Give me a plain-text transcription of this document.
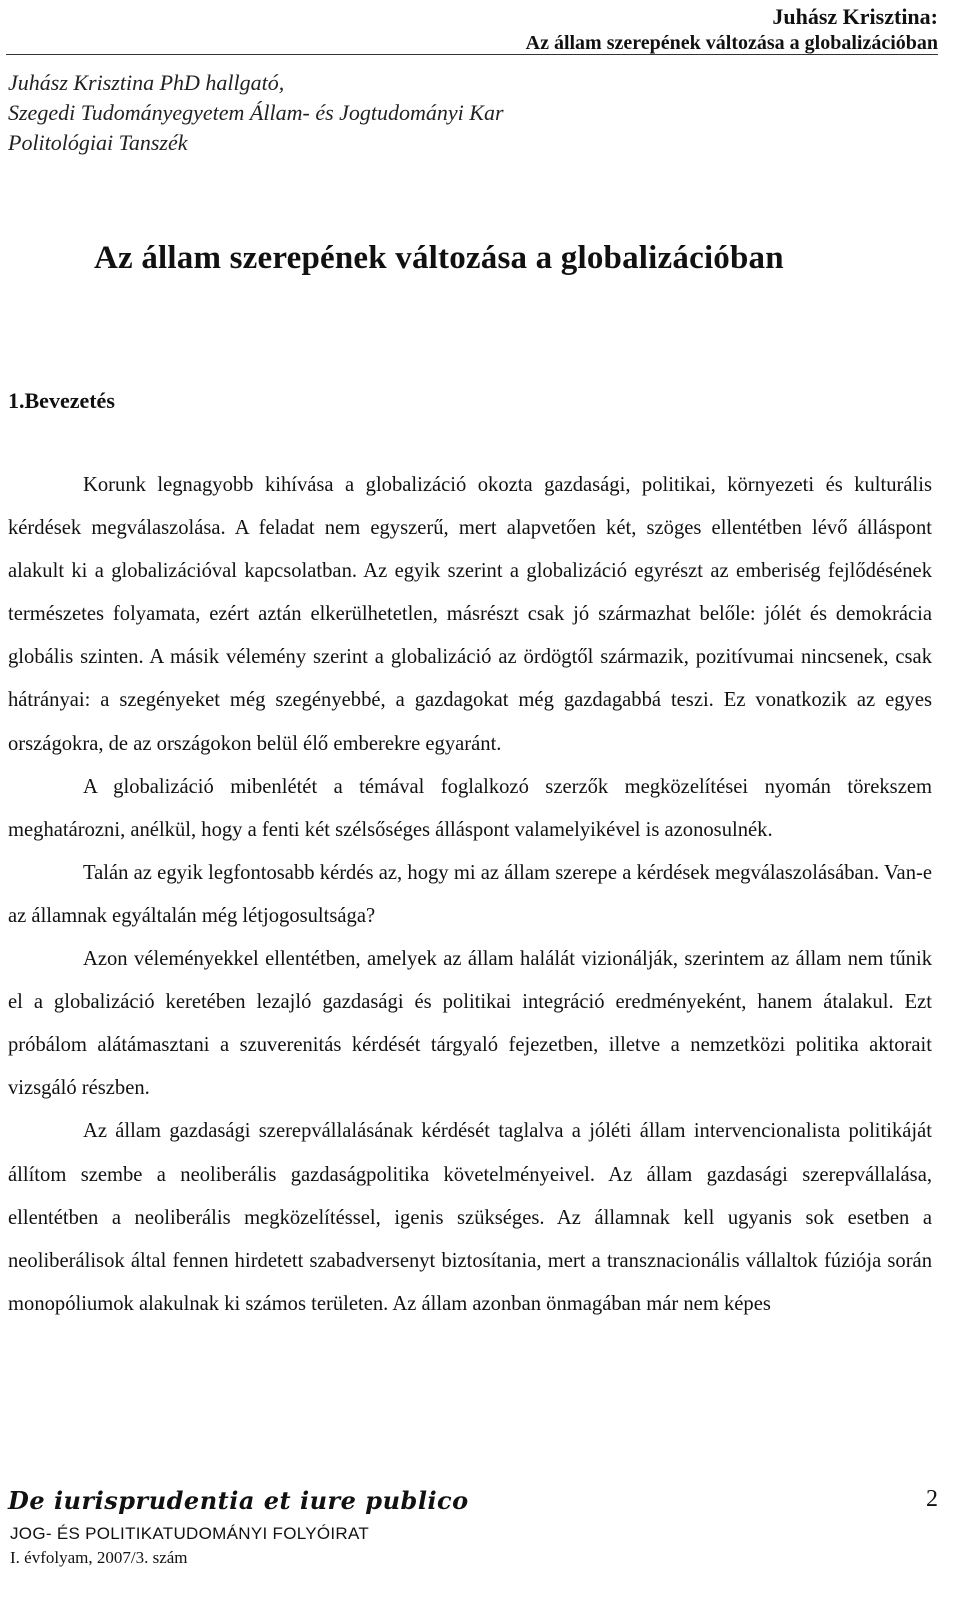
Juhász Krisztina:
Az állam szerepének változása a globalizációban
Juhász Krisztina PhD hallgató,
Szegedi Tudományegyetem Állam- és Jogtudományi Kar
Politológiai Tanszék
Az állam szerepének változása a globalizációban
1.Bevezetés

Korunk legnagyobb kihívása a globalizáció okozta gazdasági, politikai, környezeti és kulturális kérdések megválaszolása. A feladat nem egyszerű, mert alapvetően két, szöges ellentétben lévő álláspont alakult ki a globalizációval kapcsolatban. Az egyik szerint a globalizáció egyrészt az emberiség fejlődésének természetes folyamata, ezért aztán elkerülhetetlen, másrészt csak jó származhat belőle: jólét és demokrácia globális szinten. A másik vélemény szerint a globalizáció az ördögtől származik, pozitívumai nincsenek, csak hátrányai: a szegényeket még szegényebbé, a gazdagokat még gazdagabbá teszi. Ez vonatkozik az egyes országokra, de az országokon belül élő emberekre egyaránt.

A globalizáció mibenlétét a témával foglalkozó szerzők megközelítései nyomán törekszem meghatározni, anélkül, hogy a fenti két szélsőséges álláspont valamelyikével is azonosulnék.

Talán az egyik legfontosabb kérdés az, hogy mi az állam szerepe a kérdések megválaszolásában. Van-e az államnak egyáltalán még létjogosultsága?

Azon véleményekkel ellentétben, amelyek az állam halálát vizionálják, szerintem az állam nem tűnik el a globalizáció keretében lezajló gazdasági és politikai integráció eredményeként, hanem átalakul. Ezt próbálom alátámasztani a szuverenitás kérdését tárgyaló fejezetben, illetve a nemzetközi politika aktorait vizsgáló részben.

Az állam gazdasági szerepvállalásának kérdését taglalva a jóléti állam intervencionalista politikáját állítom szembe a neoliberális gazdaságpolitika követelményeivel. Az állam gazdasági szerepvállalása, ellentétben a neoliberális megközelítéssel, igenis szükséges. Az államnak kell ugyanis sok esetben a neoliberálisok által fennen hirdetett szabadversenyt biztosítania, mert a transznacionális vállaltok fúziója során monopóliumok alakulnak ki számos területen. Az állam azonban önmagában már nem képes

De iurisprudentia et iure publico	2
JOG- ÉS POLITIKATUDOMÁNYI FOLYÓIRAT
I. évfolyam, 2007/3. szám
